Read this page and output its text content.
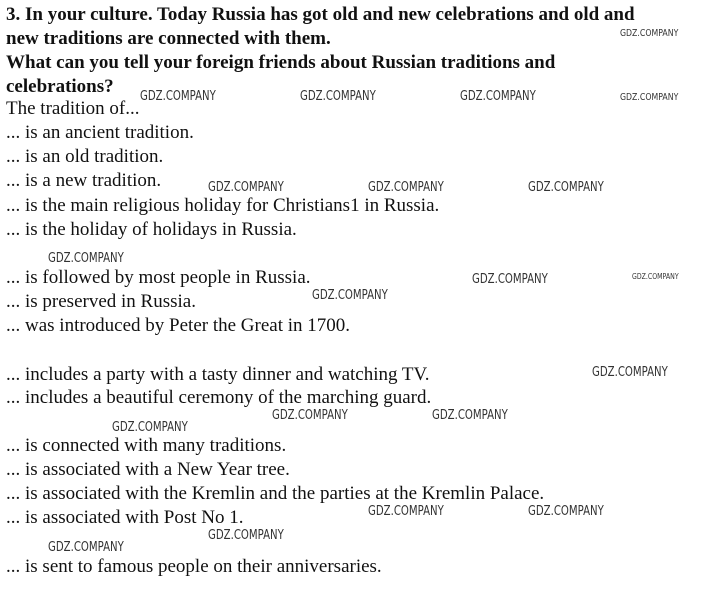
3. In your culture. Today Russia has got old and new celebrations and old and
new traditions are connected with them.
What can you tell your foreign friends about Russian traditions and
celebrations?
The tradition of...
... is an ancient tradition.
... is an old tradition.
... is a new tradition.
... is the main religious holiday for Christians1 in Russia.
... is the holiday of holidays in Russia.
... is followed by most people in Russia.
... is preserved in Russia.
... was introduced by Peter the Great in 1700.
... includes a party with a tasty dinner and watching TV.
... includes a beautiful ceremony of the marching guard.
... is connected with many traditions.
... is associated with a New Year tree.
... is associated with the Kremlin and the parties at the Kremlin Palace.
... is associated with Post No 1.
... is sent to famous people on their anniversaries.
GDZ.COMPANY
GDZ.COMPANY	GDZ.COMPANY	GDZ.COMPANY	GDZ.COMPANY
GDZ.COMPANY	GDZ.COMPANY	GDZ.COMPANY
GDZ.COMPANY
GDZ.COMPANY	GDZ.COMPANY
GDZ.COMPANY
GDZ.COMPANY
GDZ.COMPANY	GDZ.COMPANY
GDZ.COMPANY
GDZ.COMPANY	GDZ.COMPANY
GDZ.COMPANY
GDZ.COMPANY
